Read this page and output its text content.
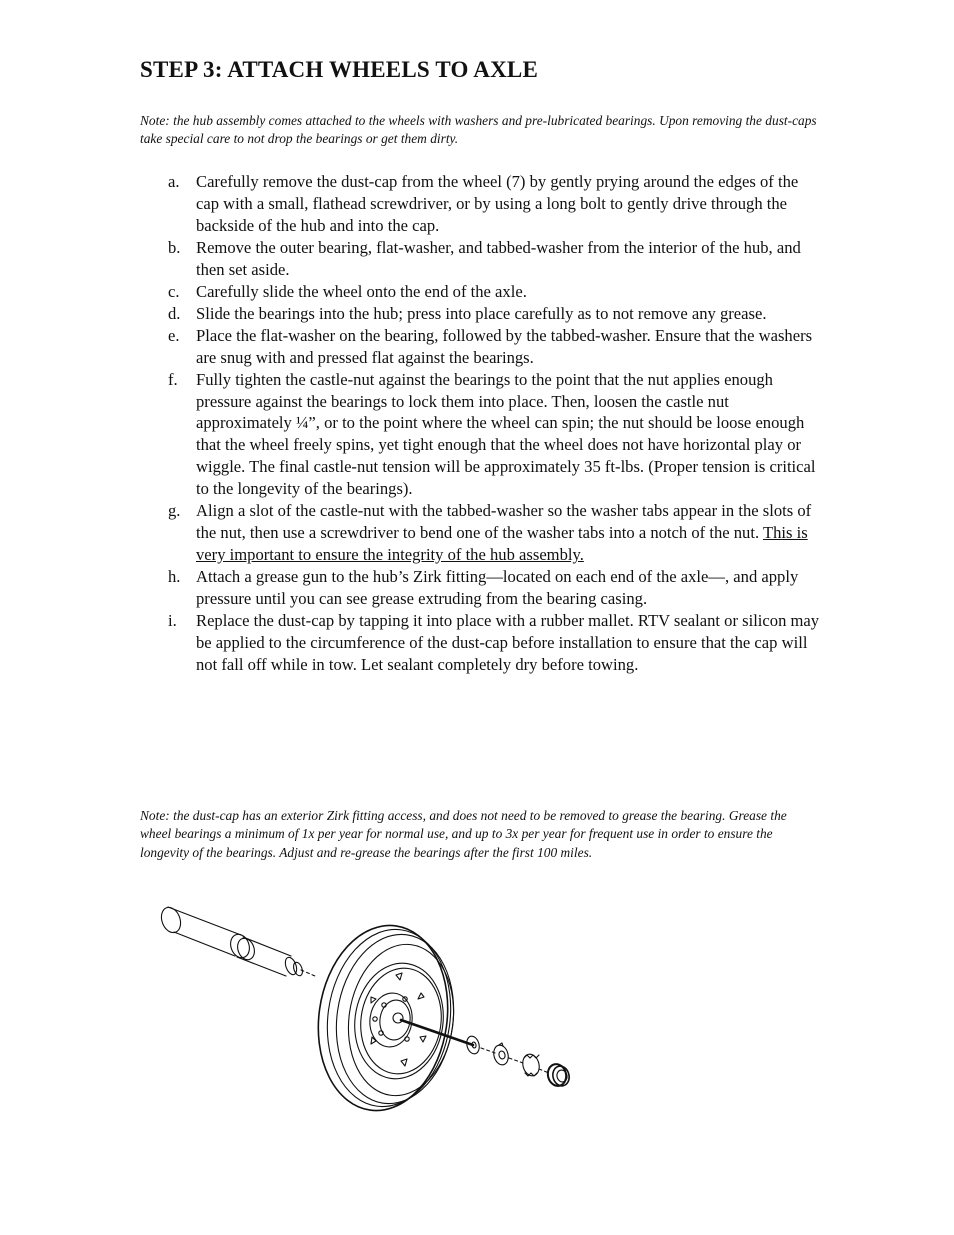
STEP 3: ATTACH WHEELS TO AXLE

Note: the hub assembly comes attached to the wheels with washers and pre-lubricated bearings. Upon removing the dust-caps take special care to not drop the bearings or get them dirty.

a. Carefully remove the dust-cap from the wheel (7) by gently prying around the edges of the cap with a small, flathead screwdriver, or by using a long bolt to gently drive through the backside of the hub and into the cap.
b. Remove the outer bearing, flat-washer, and tabbed-washer from the interior of the hub, and then set aside.
c. Carefully slide the wheel onto the end of the axle.
d. Slide the bearings into the hub; press into place carefully as to not remove any grease.
e. Place the flat-washer on the bearing, followed by the tabbed-washer. Ensure that the washers are snug with and pressed flat against the bearings.
f. Fully tighten the castle-nut against the bearings to the point that the nut applies enough pressure against the bearings to lock them into place. Then, loosen the castle nut approximately ¼”, or to the point where the wheel can spin; the nut should be loose enough that the wheel freely spins, yet tight enough that the wheel does not have horizontal play or wiggle. The final castle-nut tension will be approximately 35 ft-lbs. (Proper tension is critical to the longevity of the bearings).
g. Align a slot of the castle-nut with the tabbed-washer so the washer tabs appear in the slots of the nut, then use a screwdriver to bend one of the washer tabs into a notch of the nut. This is very important to ensure the integrity of the hub assembly.
h. Attach a grease gun to the hub’s Zirk fitting—located on each end of the axle—, and apply pressure until you can see grease extruding from the bearing casing.
i. Replace the dust-cap by tapping it into place with a rubber mallet. RTV sealant or silicon may be applied to the circumference of the dust-cap before installation to ensure that the cap will not fall off while in tow. Let sealant completely dry before towing.

Note: the dust-cap has an exterior Zirk fitting access, and does not need to be removed to grease the bearing. Grease the wheel bearings a minimum of 1x per year for normal use, and up to 3x per year for frequent use in order to ensure the longevity of the bearings. Adjust and re-grease the bearings after the first 100 miles.
